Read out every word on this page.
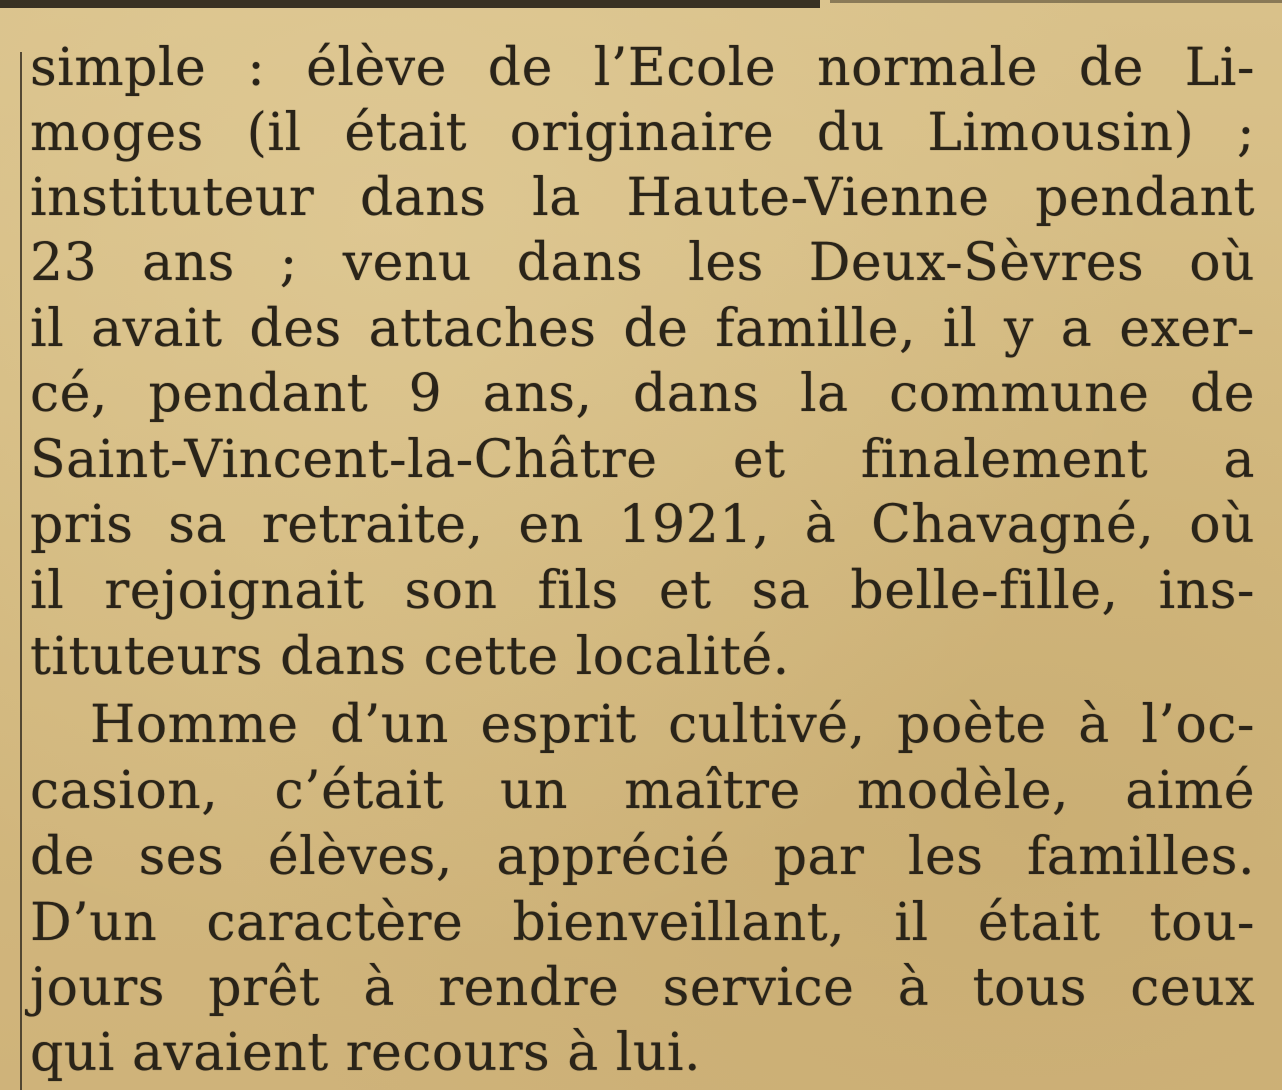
simple : élève de l’Ecole normale de Li-
moges (il était originaire du Limousin) ;
instituteur dans la Haute-Vienne pendant
23 ans ; venu dans les Deux-Sèvres où
il avait des attaches de famille, il y a exer-
cé, pendant 9 ans, dans la commune de
Saint-Vincent-la-Châtre et finalement a
pris sa retraite, en 1921, à Chavagné, où
il rejoignait son fils et sa belle-fille, ins-
tituteurs dans cette localité.
Homme d’un esprit cultivé, poète à l’oc-
casion, c’était un maître modèle, aimé
de ses élèves, apprécié par les familles.
D’un caractère bienveillant, il était tou-
jours prêt à rendre service à tous ceux
qui avaient recours à lui.
